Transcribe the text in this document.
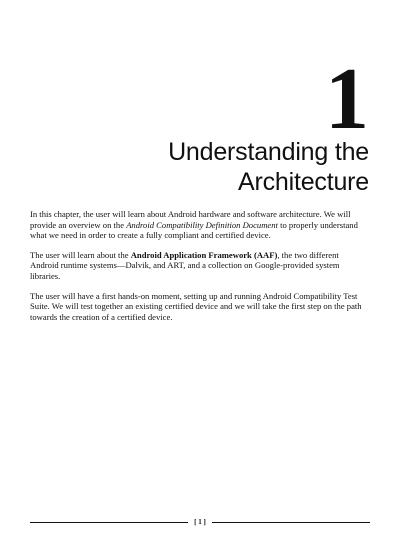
1
Understanding the
Architecture

In this chapter, the user will learn about Android hardware and software architecture. We will provide an overview on the Android Compatibility Definition Document to properly understand what we need in order to create a fully compliant and certified device.

The user will learn about the Android Application Framework (AAF), the two different Android runtime systems—Dalvik, and ART, and a collection on Google-provided system libraries.

The user will have a first hands-on moment, setting up and running Android Compatibility Test Suite. We will test together an existing certified device and we will take the first step on the path towards the creation of a certified device.

[ 1 ]
